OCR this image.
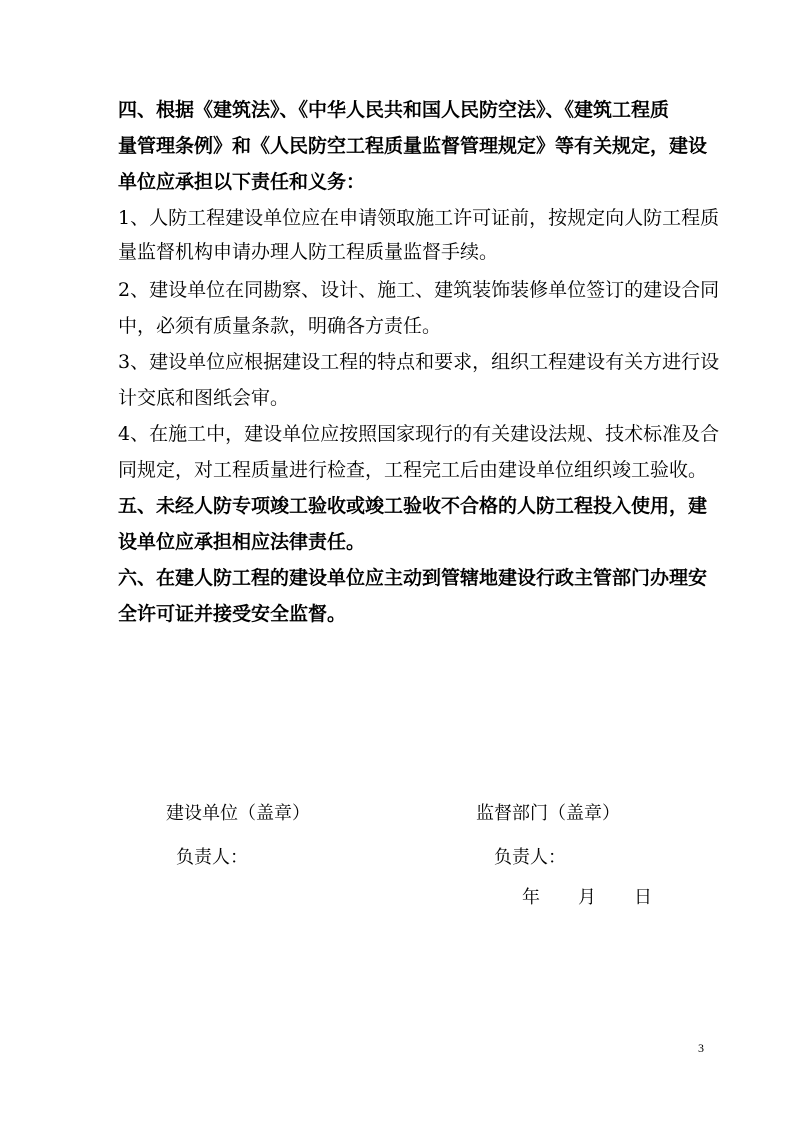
四、根据《建筑法》、《中华人民共和国人民防空法》、《建筑工程质
量管理条例》和《人民防空工程质量监督管理规定》等有关规定，建设
单位应承担以下责任和义务：
1、人防工程建设单位应在申请领取施工许可证前，按规定向人防工程质
量监督机构申请办理人防工程质量监督手续。
2、建设单位在同勘察、设计、施工、建筑装饰装修单位签订的建设合同
中，必须有质量条款，明确各方责任。
3、建设单位应根据建设工程的特点和要求，组织工程建设有关方进行设
计交底和图纸会审。
4、在施工中，建设单位应按照国家现行的有关建设法规、技术标准及合
同规定，对工程质量进行检查，工程完工后由建设单位组织竣工验收。
五、未经人防专项竣工验收或竣工验收不合格的人防工程投入使用，建
设单位应承担相应法律责任。
六、在建人防工程的建设单位应主动到管辖地建设行政主管部门办理安
全许可证并接受安全监督。
建设单位（盖章）	监督部门（盖章）
负责人：	负责人：
年 月 日
3
